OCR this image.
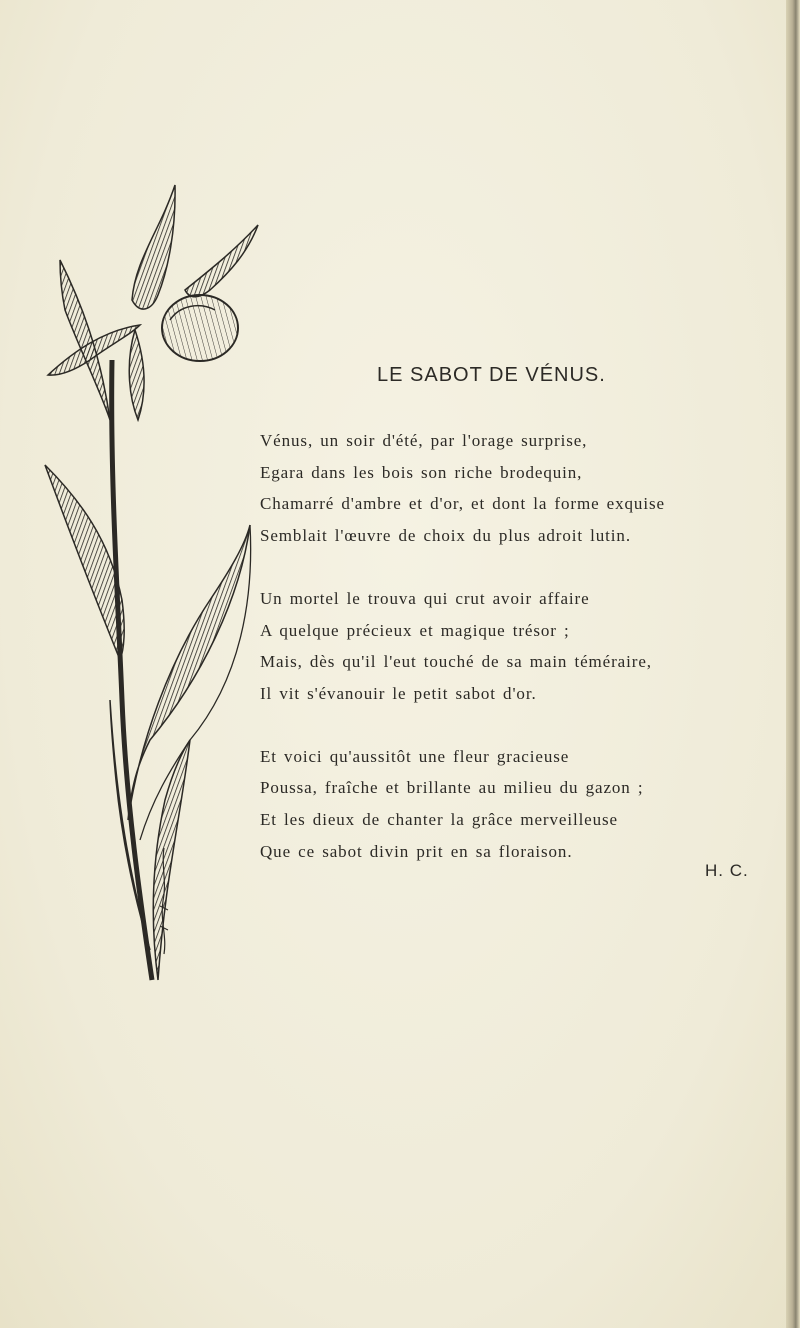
LE SABOT DE VÉNUS.
Vénus, un soir d'été, par l'orage surprise,
Egara dans les bois son riche brodequin,
Chamarré d'ambre et d'or, et dont la forme exquise
Semblait l'œuvre de choix du plus adroit lutin.
Un mortel le trouva qui crut avoir affaire
A quelque précieux et magique trésor ;
Mais, dès qu'il l'eut touché de sa main téméraire,
Il vit s'évanouir le petit sabot d'or.
Et voici qu'aussitôt une fleur gracieuse
Poussa, fraîche et brillante au milieu du gazon ;
Et les dieux de chanter la grâce merveilleuse
Que ce sabot divin prit en sa floraison.
H. C.
